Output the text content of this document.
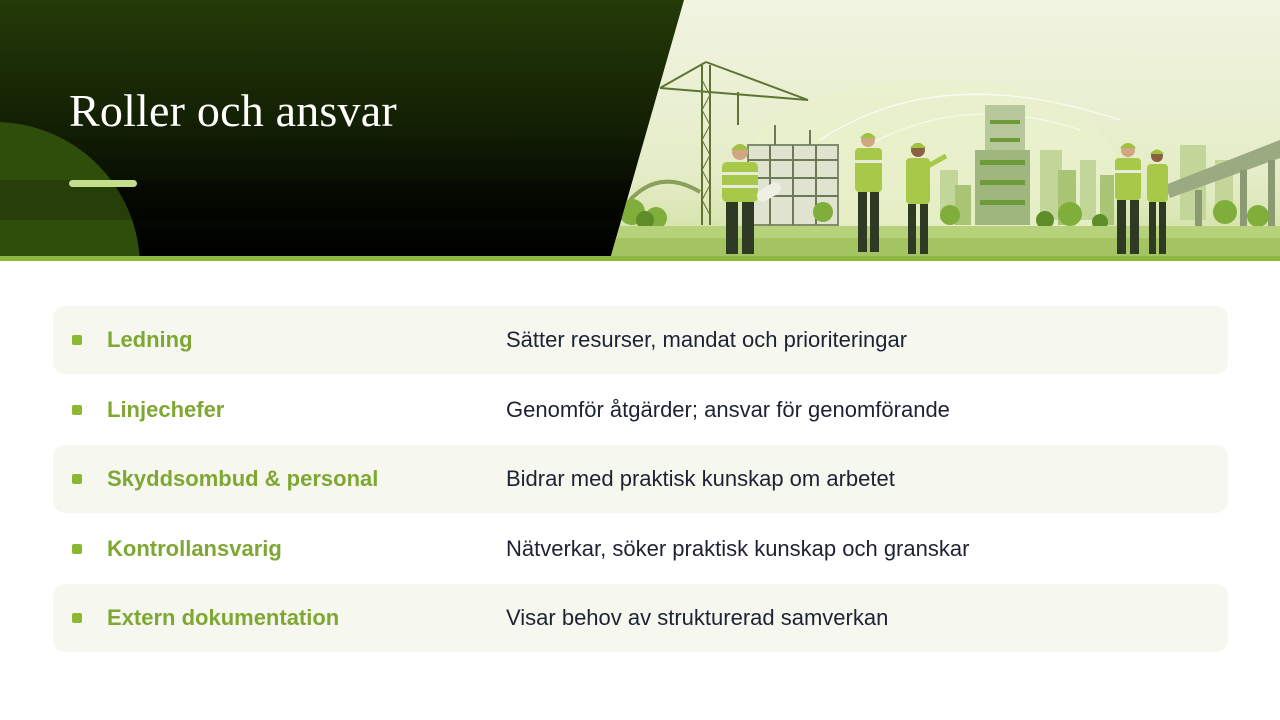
Roller och ansvar
Ledning	Sätter resurser, mandat och prioriteringar
Linjechefer	Genomför åtgärder; ansvar för genomförande
Skyddsombud & personal	Bidrar med praktisk kunskap om arbetet
Kontrollansvarig	Nätverkar, söker praktisk kunskap och granskar
Extern dokumentation	Visar behov av strukturerad samverkan
